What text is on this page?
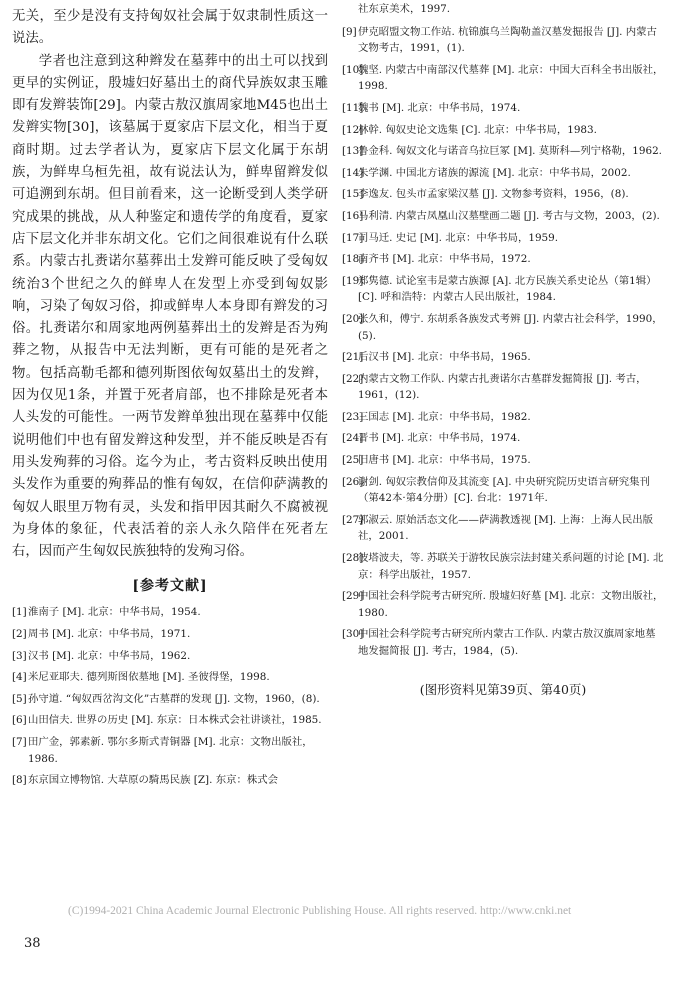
无关，至少是没有支持匈奴社会属于奴隶制性质这一说法。

学者也注意到这种辫发在墓葬中的出土可以找到更早的实例证，殷墟妇好墓出土的商代异族奴隶玉雕即有发辫装饰[29]。内蒙古敖汉旗周家地M45也出土发辫实物[30]，该墓属于夏家店下层文化，相当于夏商时期。过去学者认为，夏家店下层文化属于东胡族，为鲜卑乌桓先祖，故有说法认为，鲜卑留辫发似可追溯到东胡。但目前看来，这一论断受到人类学研究成果的挑战，从人种鉴定和遗传学的角度看，夏家店下层文化并非东胡文化。它们之间很难说有什么联系。内蒙古扎赉诺尔墓葬出土发辫可能反映了受匈奴统治3个世纪之久的鲜卑人在发型上亦受到匈奴影响，习染了匈奴习俗，抑或鲜卑人本身即有辫发的习俗。扎赉诺尔和周家地两例墓葬出土的发辫是否为殉葬之物，从报告中无法判断，更有可能的是死者之物。包括高勒毛都和德列斯图依匈奴墓出土的发辫，因为仅见1条，并置于死者肩部，也不排除是死者本人头发的可能性。一两节发辫单独出现在墓葬中仅能说明他们中也有留发辫这种发型，并不能反映是否有用头发殉葬的习俗。迄今为止，考古资料反映出使用头发作为重要的殉葬品的惟有匈奴，在信仰萨满教的匈奴人眼里万物有灵，头发和指甲因其耐久不腐被视为身体的象征，代表活着的亲人永久陪伴在死者左右，因而产生匈奴民族独特的发殉习俗。

[参考文献]
[1] 淮南子 [M]. 北京：中华书局，1954.
[2] 周书 [M]. 北京：中华书局，1971.
[3] 汉书 [M]. 北京：中华书局，1962.
[4] 米尼亚耶夫. 德列斯图依墓地 [M]. 圣彼得堡，1998.
[5] 孙守道. “匈奴西岔沟文化”古墓群的发现 [J]. 文物，1960，(8).
[6] 山田信夫. 世界の历史 [M]. 东京：日本株式会社讲谈社，1985.
[7] 田广金，郭素新. 鄂尔多斯式青铜器 [M]. 北京：文物出版社，1986.
[8] 东京国立博物馆. 大草原の騎馬民族 [Z]. 东京：株式会
社东京美术，1997.
[9] 伊克昭盟文物工作站. 杭锦旗乌兰陶勒盖汉墓发掘报告 [J]. 内蒙古文物考古，1991，(1).
[10]
魏坚. 内蒙古中南部汉代墓葬 [M]. 北京：中国大百科全书出版社，1998.
[11]
魏书 [M]. 北京：中华书局，1974.
[12]
林幹. 匈奴史论文选集 [C]. 北京：中华书局，1983.
[13]
鲁金科. 匈奴文化与诺音乌拉巨冢 [M]. 莫斯科—列宁格勒，1962.
[14]
朱学渊. 中国北方诸族的源流 [M]. 北京：中华书局，2002.
[15]
李逸友. 包头市孟家梁汉墓 [J]. 文物参考资料，1956，(8).
[16]
马利清. 内蒙古凤凰山汉墓壁画二题 [J]. 考古与文物，2003，(2).
[17]
司马迁. 史记 [M]. 北京：中华书局，1959.
[18]
南齐书 [M]. 北京：中华书局，1972.
[19]
郑隽德. 试论室韦是蒙古族源 [A]. 北方民族关系史论丛（第1辑）[C]. 呼和浩特：内蒙古人民出版社，1984.
[20]
张久和，傅宁. 东胡系各族发式考辨 [J]. 内蒙古社会科学，1990，(5).
[21]
后汉书 [M]. 北京：中华书局，1965.
[22]
内蒙古文物工作队. 内蒙古扎赉诺尔古墓群发掘简报 [J]. 考古，1961，(12).
[23]
三国志 [M]. 北京：中华书局，1982.
[24]
晋书 [M]. 北京：中华书局，1974.
[25]
旧唐书 [M]. 北京：中华书局，1975.
[26]
谢剑. 匈奴宗教信仰及其流变 [A]. 中央研究院历史语言研究集刊（第42本·第4分册）[C]. 台北：1971年.
[27]
郭淑云. 原始活态文化——萨满教透视 [M]. 上海：上海人民出版社，2001.
[28]
彼塔波夫，等. 苏联关于游牧民族宗法封建关系问题的讨论 [M]. 北京：科学出版社，1957.
[29]
中国社会科学院考古研究所. 殷墟妇好墓 [M]. 北京：文物出版社，1980.
[30]
中国社会科学院考古研究所内蒙古工作队. 内蒙古敖汉旗周家地墓地发掘简报 [J]. 考古，1984，(5).
(图形资料见第39页、第40页)
(C)1994-2021 China Academic Journal Electronic Publishing House. All rights reserved. http://www.cnki.net
38
